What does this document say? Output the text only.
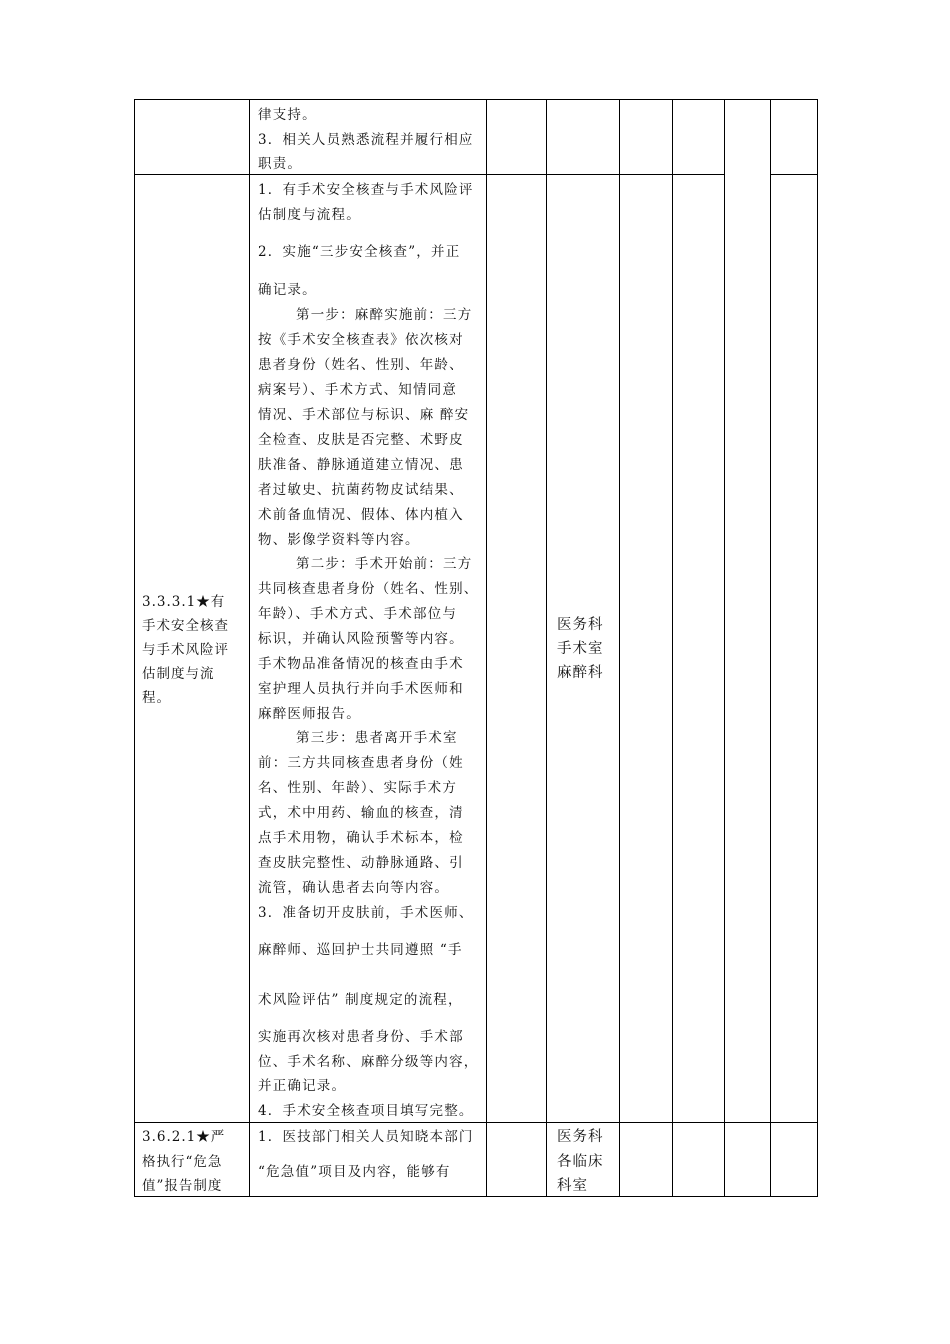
律支持。
3．相关人员熟悉流程并履行相应
职责。
3.3.3.1★有
手术安全核查
与手术风险评
估制度与流
程。
医务科
手术室
麻醉科
1．有手术安全核查与手术风险评
估制度与流程。
2．实施“三步安全核查”，并正
确记录。
第一步：麻醉实施前：三方
按《手术安全核查表》依次核对
患者身份（姓名、性别、年龄、
病案号）、手术方式、知情同意
情况、手术部位与标识、麻 醉安
全检查、皮肤是否完整、术野皮
肤准备、静脉通道建立情况、患
者过敏史、抗菌药物皮试结果、
术前备血情况、假体、体内植入
物、影像学资料等内容。
第二步：手术开始前：三方
共同核查患者身份（姓名、性别、
年龄）、手术方式、手术部位与
标识，并确认风险预警等内容。
手术物品准备情况的核查由手术
室护理人员执行并向手术医师和
麻醉医师报告。
第三步：患者离开手术室
前：三方共同核查患者身份（姓
名、性别、年龄）、实际手术方
式，术中用药、输血的核查，清
点手术用物，确认手术标本，检
查皮肤完整性、动静脉通路、引
流管，确认患者去向等内容。
3．准备切开皮肤前，手术医师、
麻醉师、巡回护士共同遵照 “手
术风险评估” 制度规定的流程，
实施再次核对患者身份、手术部
位、手术名称、麻醉分级等内容，
并正确记录。
4．手术安全核查项目填写完整。
3.6.2.1★严
格执行“危急
值”报告制度
1．医技部门相关人员知晓本部门
“危急值”项目及内容，能够有
医务科
各临床
科室
